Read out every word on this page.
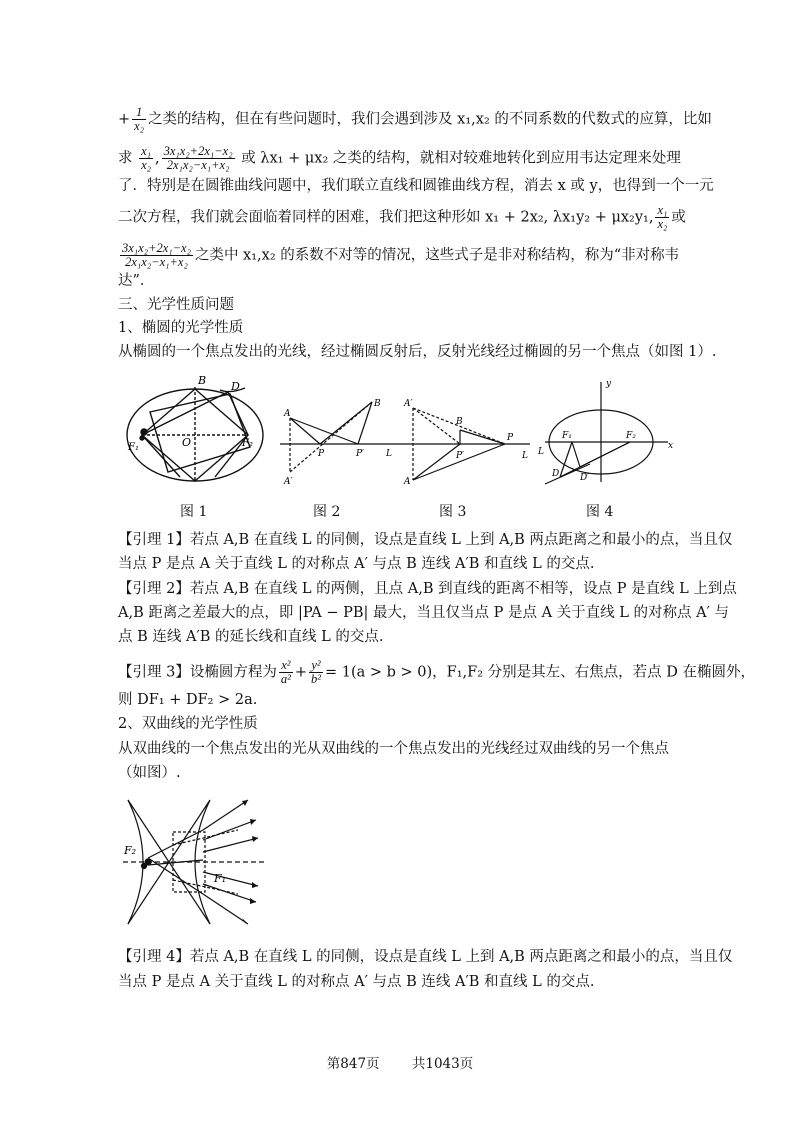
+ $\frac{1}{\text{x₂}}$ 之类的结构，但在有些问题时，我们会遇到涉及 x₁,x₂ 的不同系数的代数式的应算，比如
求 $\frac{\text{x₁}}{\text{x₂}}$ , $\frac{\text{3x₁x₂+2x₁−x₂}}{\text{2x₁x₂−x₁+x₂}}$ 或 λx₁ + μx₂ 之类的结构，就相对较难地转化到应用韦达定理来处理
了．特别是在圆锥曲线问题中，我们联立直线和圆锥曲线方程，消去 x 或 y，也得到一个一元
二次方程，我们就会面临着同样的困难，我们把这种形如 x₁ + 2x₂, λx₁y₂ + μx₂y₁, $\frac{\text{x₁}}{\text{x₂}}$ 或
$\frac{\text{3x₁x₂+2x₁−x₂}}{\text{2x₁x₂−x₁+x₂}}$ 之类中 x₁,x₂ 的系数不对等的情况，这些式子是非对称结构，称为“非对称韦
达”．
三、光学性质问题
1、椭圆的光学性质
从椭圆的一个焦点发出的光线，经过椭圆反射后，反射光线经过椭圆的另一个焦点（如图 1）.
B D
O
F₁	F₂
A
B
P	P′ L
A′
A′
B
P
P′	L
A
y
x
F₁	F₂
D D′
L
图 1	图 2	图 3	图 4
【引理 1】若点 A,B 在直线 L 的同侧，设点是直线 L 上到 A,B 两点距离之和最小的点，当且仅
当点 P 是点 A 关于直线 L 的对称点 A′ 与点 B 连线 A′B 和直线 L 的交点.
【引理 2】若点 A,B 在直线 L 的两侧，且点 A,B 到直线的距离不相等，设点 P 是直线 L 上到点
A,B 距离之差最大的点，即 |PA − PB| 最大，当且仅当点 P 是点 A 关于直线 L 的对称点 A′ 与
点 B 连线 A′B 的延长线和直线 L 的交点.
【引理 3】设椭圆方程为 $\frac{\text{x²}}{\text{a²}} + \frac{\text{y²}}{\text{b²}} = 1(a > b > 0)$，F₁,F₂ 分别是其左、右焦点，若点 D 在椭圆外，
则 DF₁ + DF₂ > 2a.
2、双曲线的光学性质
从双曲线的一个焦点发出的光从双曲线的一个焦点发出的光线经过双曲线的另一个焦点
（如图）.
F₂
F₁
【引理 4】若点 A,B 在直线 L 的同侧，设点是直线 L 上到 A,B 两点距离之和最小的点，当且仅
当点 P 是点 A 关于直线 L 的对称点 A′ 与点 B 连线 A′B 和直线 L 的交点.
第847页 共1043页
